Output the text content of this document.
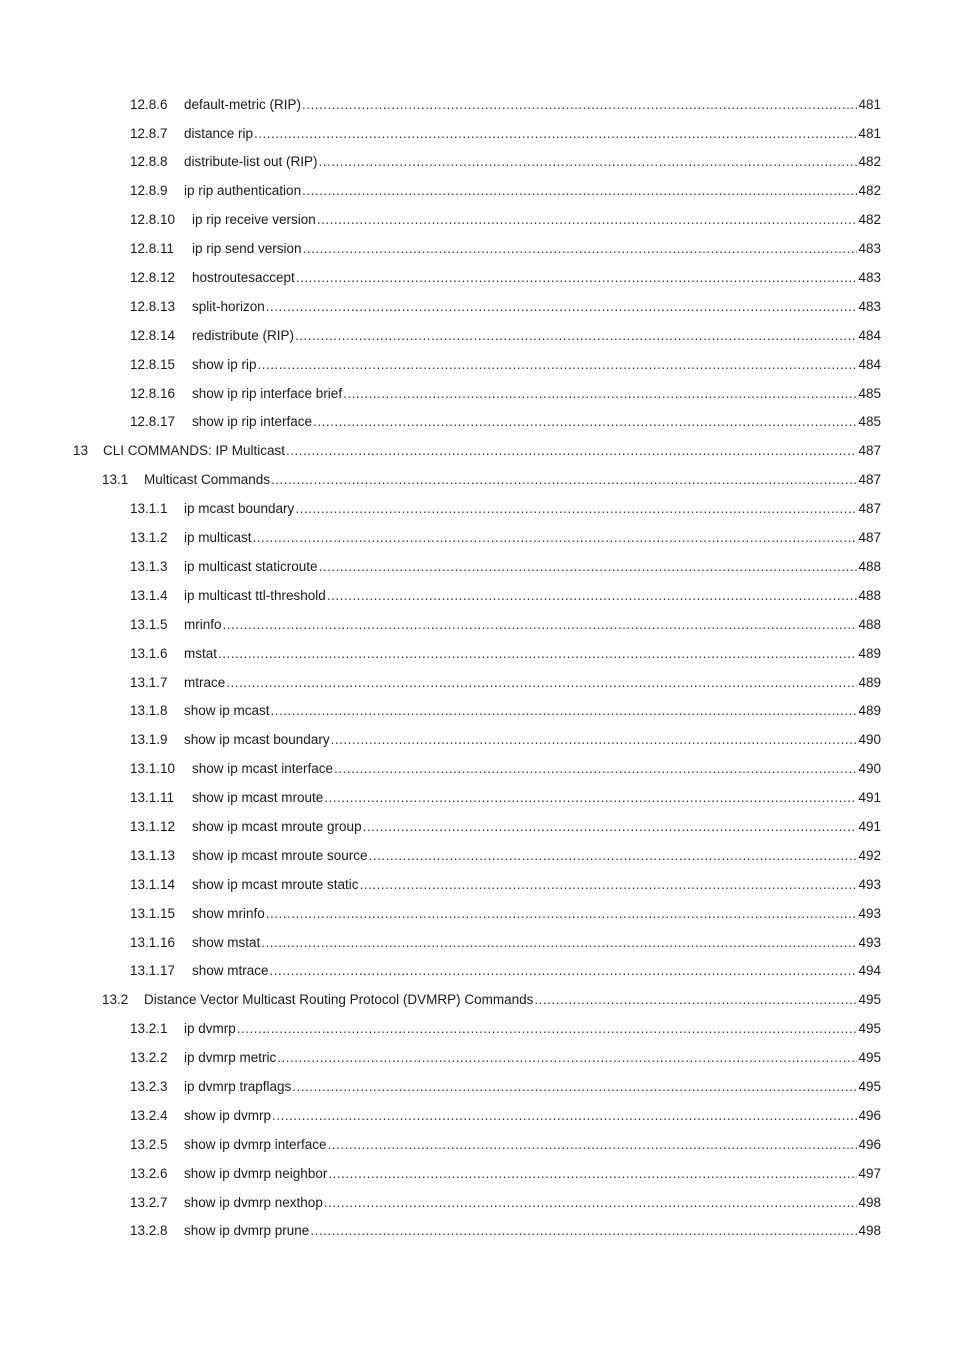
12.8.6	default-metric (RIP) .....	481
12.8.7	distance rip .....	481
12.8.8	distribute-list out (RIP) .....	482
12.8.9	ip rip authentication .....	482
12.8.10	ip rip receive version .....	482
12.8.11	ip rip send version .....	483
12.8.12	hostroutesaccept .....	483
12.8.13	split-horizon .....	483
12.8.14	redistribute (RIP) .....	484
12.8.15	show ip rip .....	484
12.8.16	show ip rip interface brief .....	485
12.8.17	show ip rip interface .....	485
13	CLI COMMANDS: IP Multicast .....	487
13.1	Multicast Commands .....	487
13.1.1	ip mcast boundary .....	487
13.1.2	ip multicast .....	487
13.1.3	ip multicast staticroute .....	488
13.1.4	ip multicast ttl-threshold .....	488
13.1.5	mrinfo .....	488
13.1.6	mstat .....	489
13.1.7	mtrace .....	489
13.1.8	show ip mcast .....	489
13.1.9	show ip mcast boundary .....	490
13.1.10	show ip mcast interface .....	490
13.1.11	show ip mcast mroute .....	491
13.1.12	show ip mcast mroute group .....	491
13.1.13	show ip mcast mroute source .....	492
13.1.14	show ip mcast mroute static .....	493
13.1.15	show mrinfo .....	493
13.1.16	show mstat .....	493
13.1.17	show mtrace .....	494
13.2	Distance Vector Multicast Routing Protocol (DVMRP) Commands .....	495
13.2.1	ip dvmrp .....	495
13.2.2	ip dvmrp metric .....	495
13.2.3	ip dvmrp trapflags .....	495
13.2.4	show ip dvmrp .....	496
13.2.5	show ip dvmrp interface .....	496
13.2.6	show ip dvmrp neighbor .....	497
13.2.7	show ip dvmrp nexthop .....	498
13.2.8	show ip dvmrp prune .....	498
